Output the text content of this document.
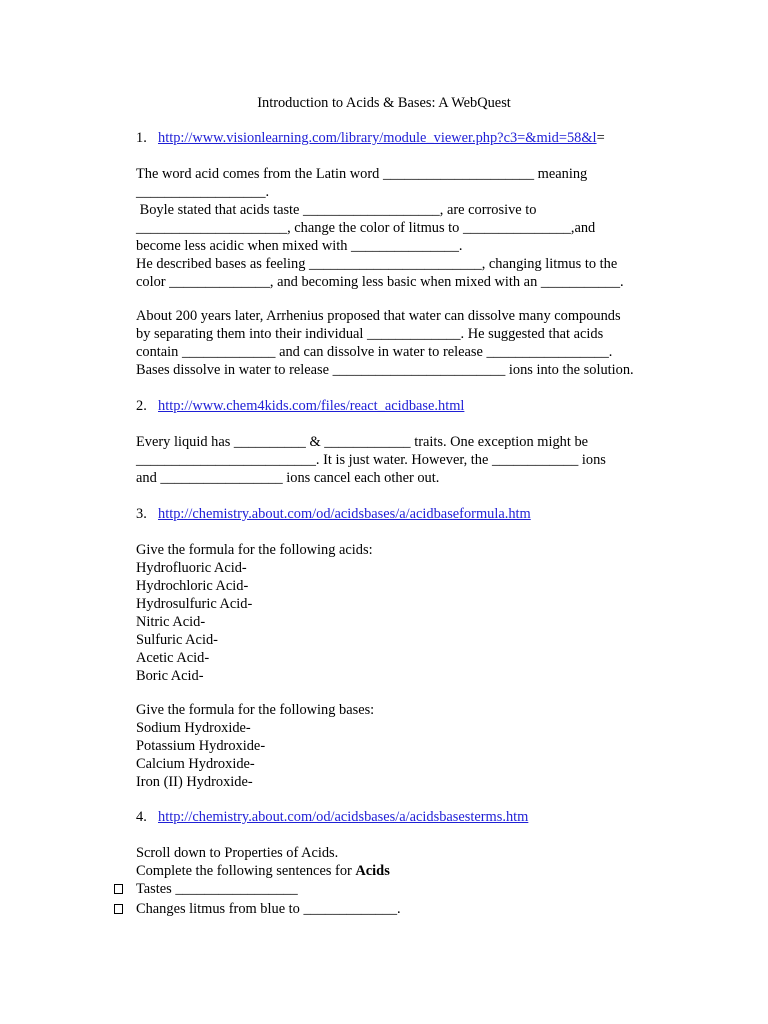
Introduction to Acids & Bases: A WebQuest
1. http://www.visionlearning.com/library/module_viewer.php?c3=&mid=58&l=
The word acid comes from the Latin word _____________________ meaning
__________________.
Boyle stated that acids taste ___________________, are corrosive to
_____________________, change the color of litmus to _______________,and
become less acidic when mixed with _______________.
He described bases as feeling ________________________, changing litmus to the
color ______________, and becoming less basic when mixed with an ___________.
About 200 years later, Arrhenius proposed that water can dissolve many compounds
by separating them into their individual _____________. He suggested that acids
contain _____________ and can dissolve in water to release _________________.
Bases dissolve in water to release ________________________ ions into the solution.
2. http://www.chem4kids.com/files/react_acidbase.html
Every liquid has __________ & ____________ traits. One exception might be
_________________________. It is just water. However, the ____________ ions
and _________________ ions cancel each other out.
3. http://chemistry.about.com/od/acidsbases/a/acidbaseformula.htm
Give the formula for the following acids:
Hydrofluoric Acid-
Hydrochloric Acid-
Hydrosulfuric Acid-
Nitric Acid-
Sulfuric Acid-
Acetic Acid-
Boric Acid-
Give the formula for the following bases:
Sodium Hydroxide-
Potassium Hydroxide-
Calcium Hydroxide-
Iron (II) Hydroxide-
4. http://chemistry.about.com/od/acidsbases/a/acidsbasesterms.htm
Scroll down to Properties of Acids.
Complete the following sentences for Acids
Tastes _________________
Changes litmus from blue to _____________.
